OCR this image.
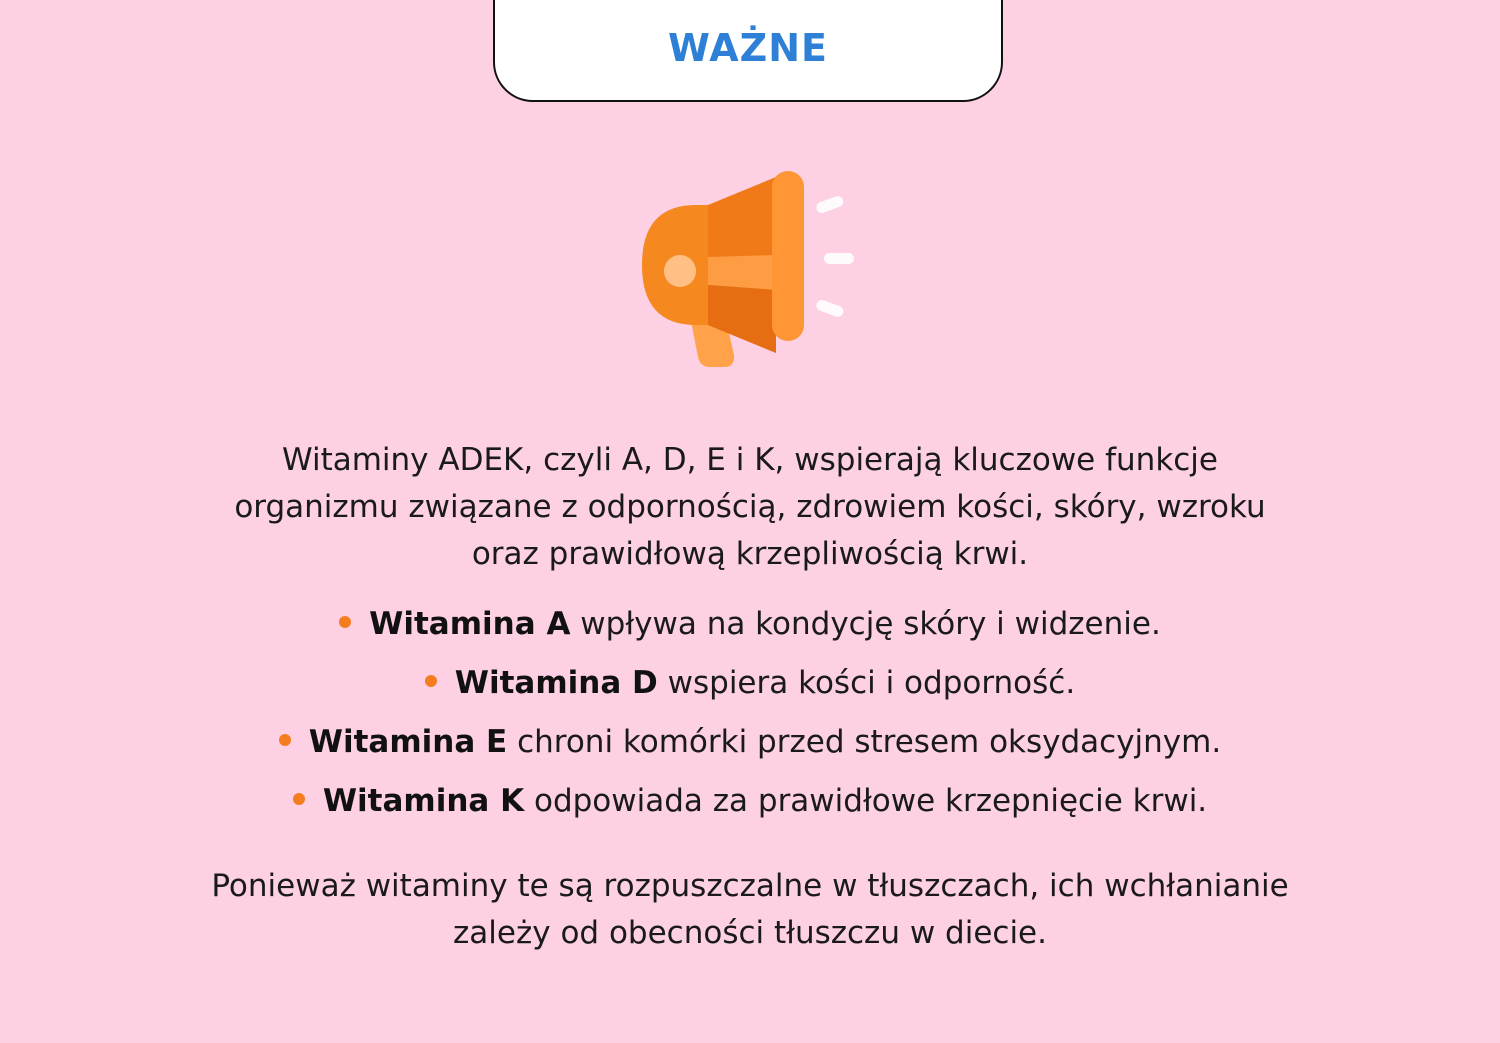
WAŻNE
Witaminy ADEK, czyli A, D, E i K, wspierają kluczowe funkcje
organizmu związane z odpornością, zdrowiem kości, skóry, wzroku
oraz prawidłową krzepliwością krwi.
Witamina A wpływa na kondycję skóry i widzenie.
Witamina D wspiera kości i odporność.
Witamina E chroni komórki przed stresem oksydacyjnym.
Witamina K odpowiada za prawidłowe krzepnięcie krwi.
Ponieważ witaminy te są rozpuszczalne w tłuszczach, ich wchłanianie
zależy od obecności tłuszczu w diecie.
